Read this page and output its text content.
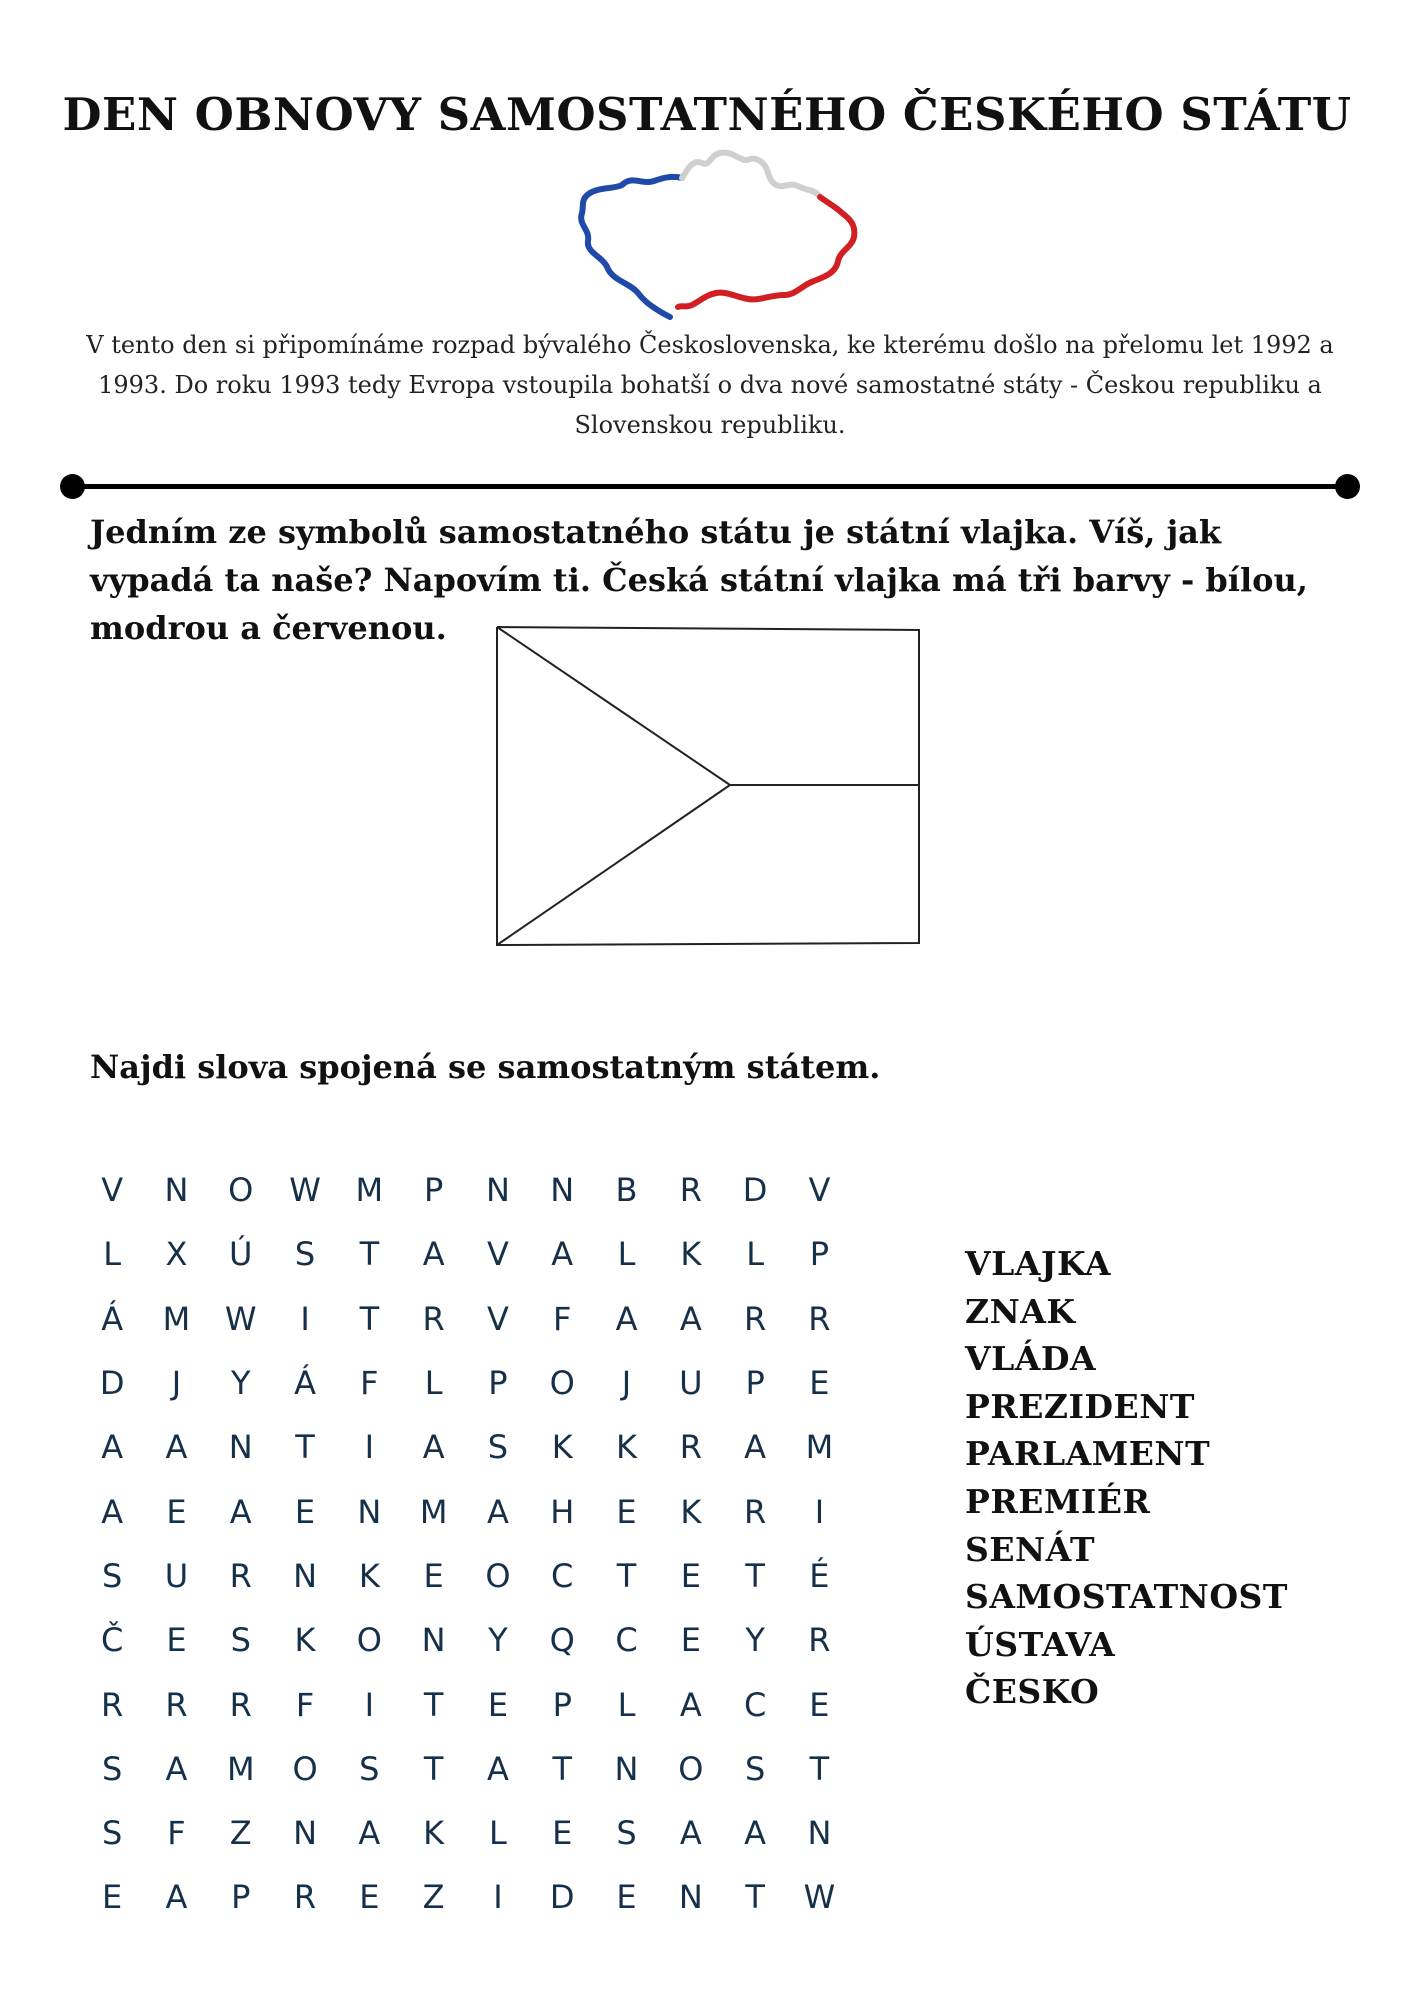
DEN OBNOVY SAMOSTATNÉHO ČESKÉHO STÁTU
V tento den si připomínáme rozpad bývalého Československa, ke kterému došlo na přelomu let 1992 a 1993. Do roku 1993 tedy Evropa vstoupila bohatší o dva nové samostatné státy - Českou republiku a Slovenskou republiku.
Jedním ze symbolů samostatného státu je státní vlajka. Víš, jak vypadá ta naše? Napovím ti. Česká státní vlajka má tři barvy - bílou, modrou a červenou.
Najdi slova spojená se samostatným státem.
V	N	O	W	M	P	N	N	B	R	D	V
L	X	Ú	S	T	A	V	A	L	K	L	P
Á	M	W	I	T	R	V	F	A	A	R	R
D	J	Y	Á	F	L	P	O	J	U	P	E
A	A	N	T	I	A	S	K	K	R	A	M
A	E	A	E	N	M	A	H	E	K	R	I
S	U	R	N	K	E	O	C	T	E	T	É
Č	E	S	K	O	N	Y	Q	C	E	Y	R
R	R	R	F	I	T	E	P	L	A	C	E
S	A	M	O	S	T	A	T	N	O	S	T
S	F	Z	N	A	K	L	E	S	A	A	N
E	A	P	R	E	Z	I	D	E	N	T	W
VLAJKA
ZNAK
VLÁDA
PREZIDENT
PARLAMENT
PREMIÉR
SENÁT
SAMOSTATNOST
ÚSTAVA
ČESKO
